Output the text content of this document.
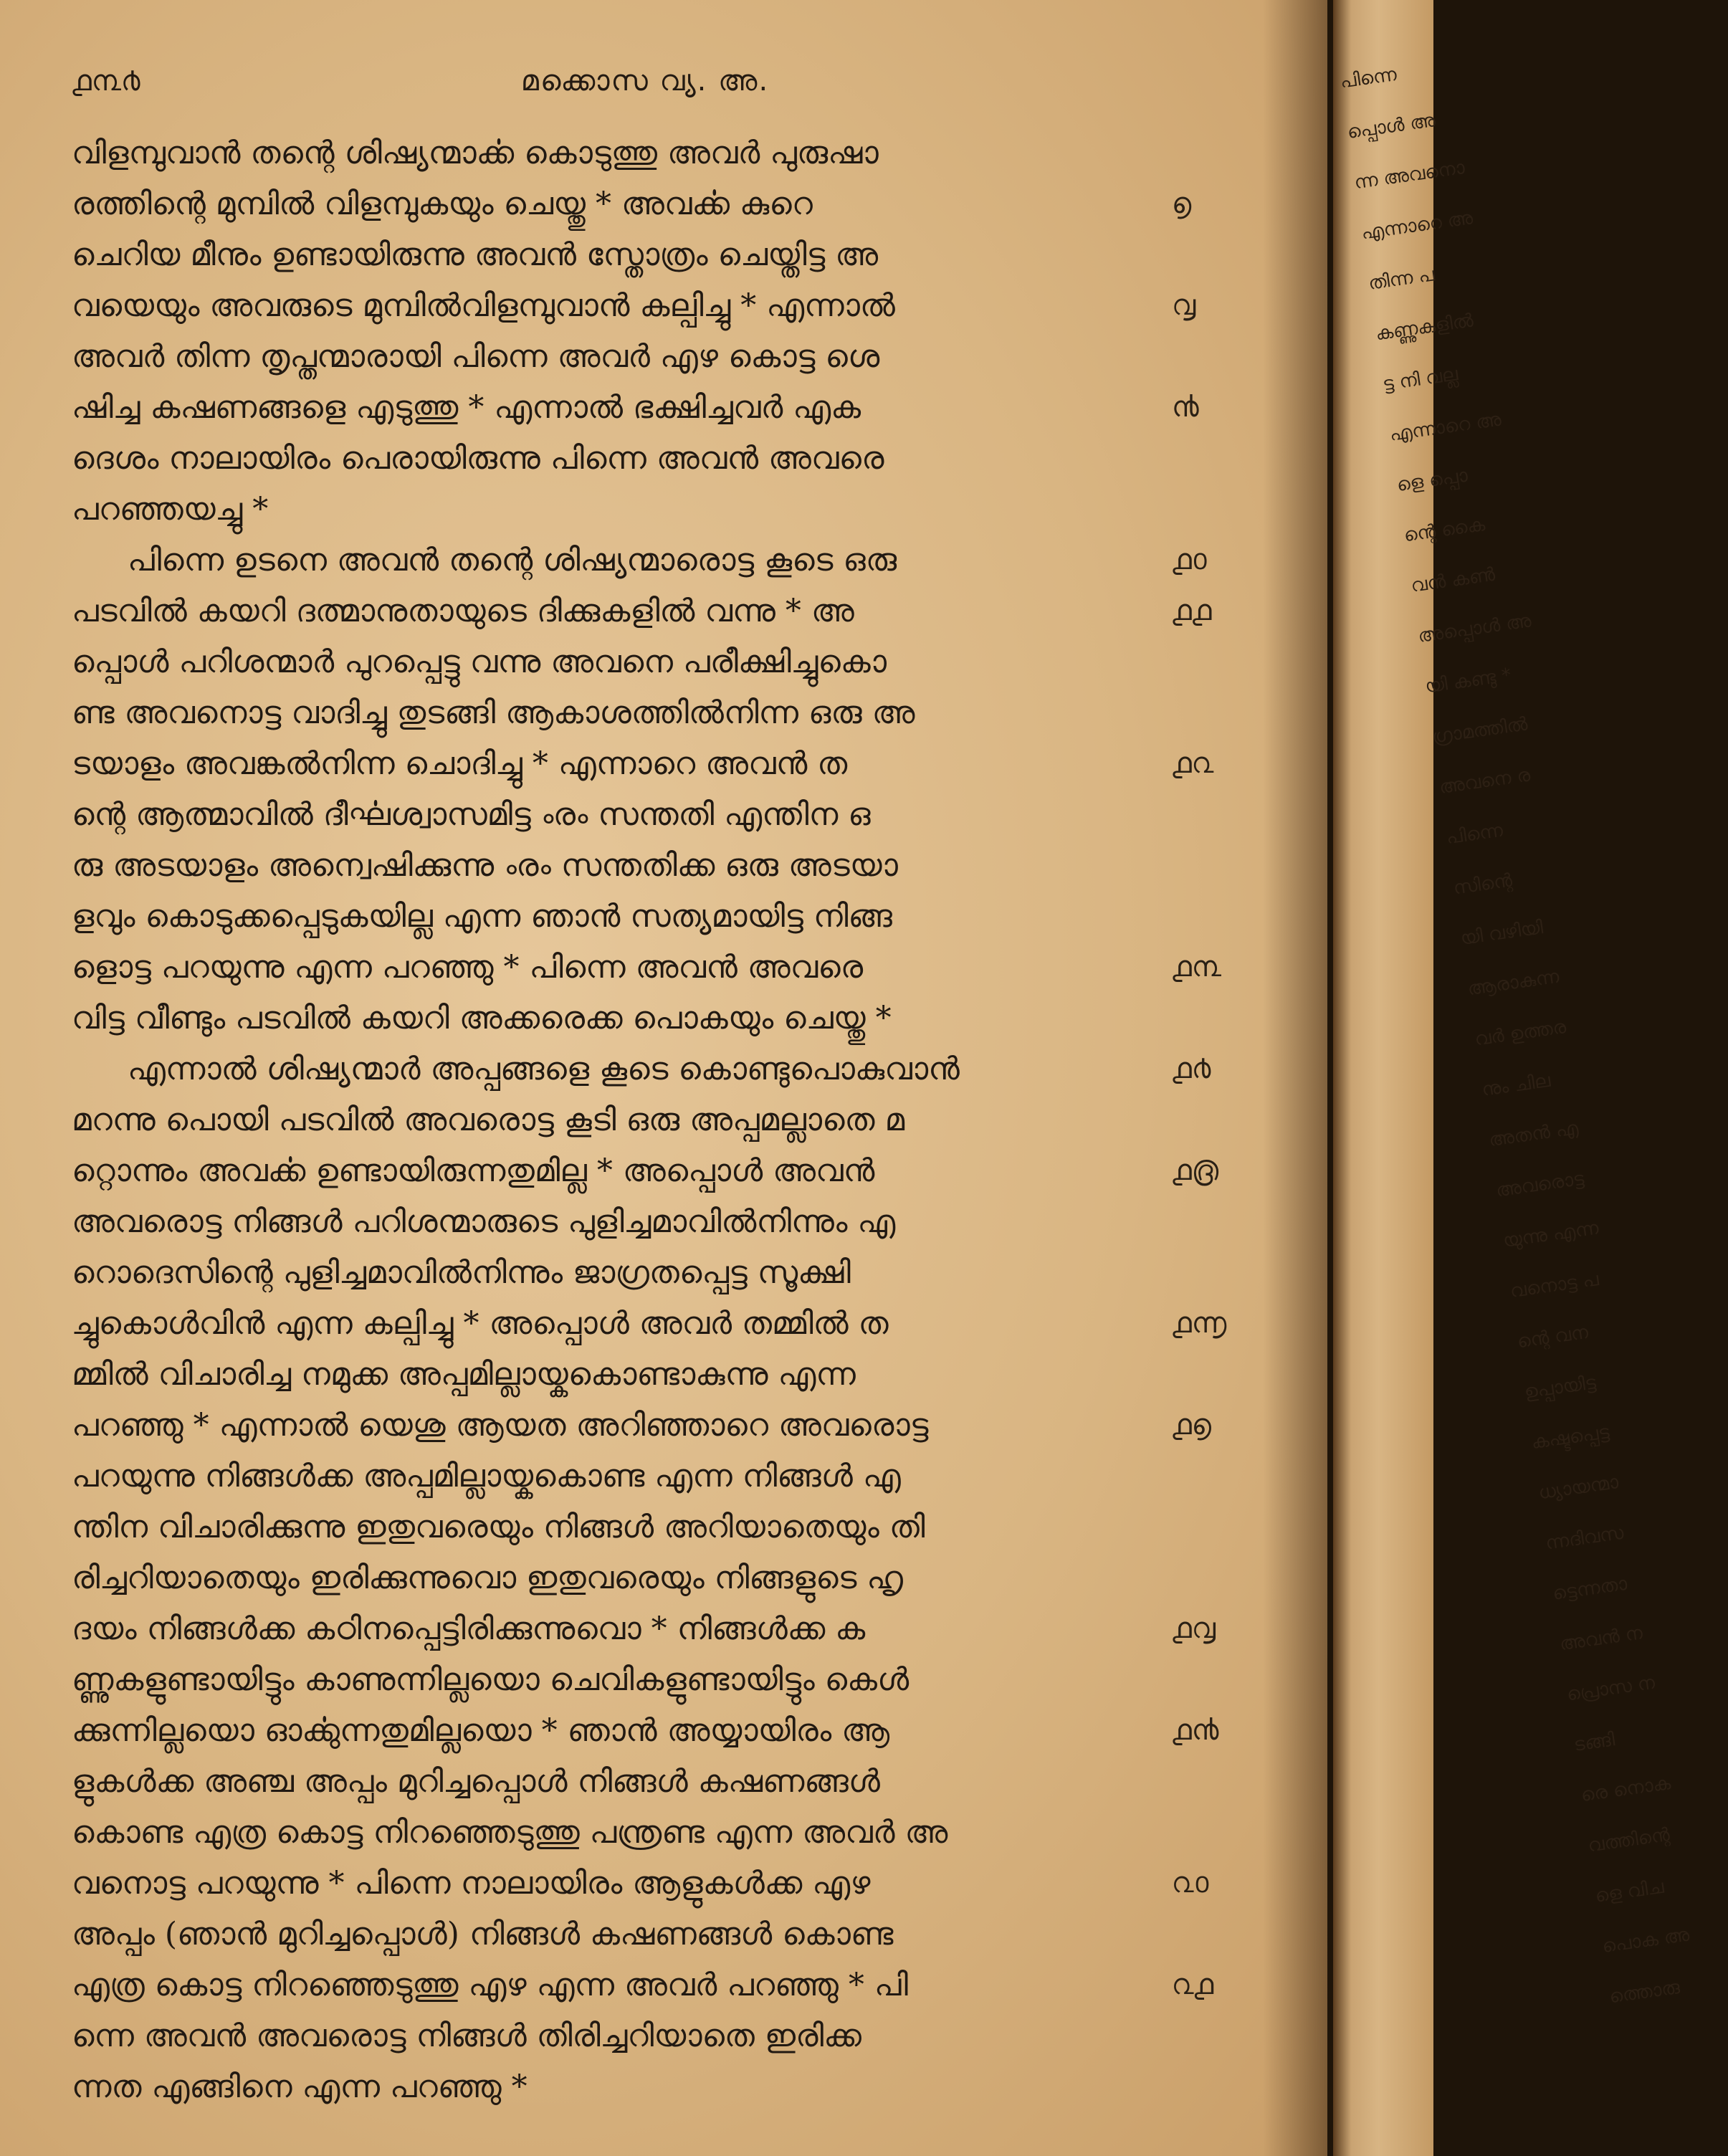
൧൩൪	മക്കൊസ വ്യ. അ.
വിളമ്പുവാൻ തന്റെ ശിഷ്യന്മാൎക്ക കൊടുത്തു അവർ പുരുഷാ
രത്തിന്റെ മുമ്പിൽ വിളമ്പുകയും ചെയ്തു * അവൎക്ക കുറെ
ചെറിയ മീനും ഉണ്ടായിരുന്നു അവൻ സ്തോത്രം ചെയ്തിട്ട അ
വയെയും അവരുടെ മുമ്പിൽവിളമ്പുവാൻ കല്പിച്ചു * എന്നാൽ
അവർ തിന്ന തൃപ്തന്മാരായി പിന്നെ അവർ എഴ കൊട്ട ശെ
ഷിച്ച കഷണങ്ങളെ എടുത്തു * എന്നാൽ ഭക്ഷിച്ചവർ എക
ദെശം നാലായിരം പെരായിരുന്നു പിന്നെ അവൻ അവരെ
പറഞ്ഞയച്ചു *
പിന്നെ ഉടനെ അവൻ തന്റെ ശിഷ്യന്മാരൊട്ട കൂടെ ഒരു
പടവിൽ കയറി ദത്മാനുതായുടെ ദിക്കുകളിൽ വന്നു * അ
പ്പൊൾ പറിശന്മാർ പുറപ്പെട്ടു വന്നു അവനെ പരീക്ഷിച്ചുകൊ
ണ്ട അവനൊട്ട വാദിച്ചു തുടങ്ങി ആകാശത്തിൽനിന്ന ഒരു അ
ടയാളം അവങ്കൽനിന്ന ചൊദിച്ചു * എന്നാറെ അവൻ ത
ന്റെ ആത്മാവിൽ ദീൎഘശ്വാസമിട്ട ൟ സന്തതി എന്തിന ഒ
രു അടയാളം അന്വെഷിക്കുന്നു ൟ സന്തതിക്ക ഒരു അടയാ
ളവും കൊടുക്കപ്പെടുകയില്ല എന്ന ഞാൻ സത്യമായിട്ട നിങ്ങ
ളൊട്ട പറയുന്നു എന്ന പറഞ്ഞു * പിന്നെ അവൻ അവരെ
വിട്ട വീണ്ടും പടവിൽ കയറി അക്കരെക്ക പൊകയും ചെയ്തു *
എന്നാൽ ശിഷ്യന്മാർ അപ്പങ്ങളെ കൂടെ കൊണ്ടുപൊകുവാൻ
മറന്നു പൊയി പടവിൽ അവരൊട്ട കൂടി ഒരു അപ്പമല്ലാതെ മ
റ്റൊന്നും അവൎക്ക ഉണ്ടായിരുന്നതുമില്ല * അപ്പൊൾ അവൻ
അവരൊട്ട നിങ്ങൾ പറിശന്മാരുടെ പുളിച്ചമാവിൽനിന്നും എ
റൊദെസിന്റെ പുളിച്ചമാവിൽനിന്നും ജാഗ്രതപ്പെട്ട സൂക്ഷി
ച്ചുകൊൾവിൻ എന്ന കല്പിച്ചു * അപ്പൊൾ അവർ തമ്മിൽ ത
മ്മിൽ വിചാരിച്ച നമുക്ക അപ്പമില്ലായ്കകൊണ്ടാകുന്നു എന്ന
പറഞ്ഞു * എന്നാൽ യെശു ആയത അറിഞ്ഞാറെ അവരൊട്ട
പറയുന്നു നിങ്ങൾക്ക അപ്പമില്ലായ്കകൊണ്ട എന്ന നിങ്ങൾ എ
ന്തിന വിചാരിക്കുന്നു ഇതുവരെയും നിങ്ങൾ അറിയാതെയും തി
രിച്ചറിയാതെയും ഇരിക്കുന്നുവൊ ഇതുവരെയും നിങ്ങളുടെ ഹൃ
ദയം നിങ്ങൾക്ക കഠിനപ്പെട്ടിരിക്കുന്നുവൊ * നിങ്ങൾക്ക ക
ണ്ണുകളുണ്ടായിട്ടും കാണുന്നില്ലയൊ ചെവികളുണ്ടായിട്ടും കെൾ
ക്കുന്നില്ലയൊ ഓൎക്കുന്നതുമില്ലയൊ * ഞാൻ അയ്യായിരം ആ
ളുകൾക്ക അഞ്ച അപ്പം മുറിച്ചപ്പൊൾ നിങ്ങൾ കഷണങ്ങൾ
കൊണ്ട എത്ര കൊട്ട നിറഞ്ഞെടുത്തു പന്ത്രണ്ട എന്ന അവർ അ
വനൊട്ട പറയുന്നു * പിന്നെ നാലായിരം ആളുകൾക്ക എഴ
അപ്പം (ഞാൻ മുറിച്ചപ്പൊൾ) നിങ്ങൾ കഷണങ്ങൾ കൊണ്ട
എത്ര കൊട്ട നിറഞ്ഞെടുത്തു എഴ എന്ന അവർ പറഞ്ഞു * പി
ന്നെ അവൻ അവരൊട്ട നിങ്ങൾ തിരിച്ചറിയാതെ ഇരിക്ക
ന്നത എങ്ങിനെ എന്ന പറഞ്ഞു *
൭
൮
൯
൧൦
൧൧
൧൨
൧൩
൧൪
൧൫
൧൬
൧൭
൧൮
൧൯
൨൦
൨൧
പിന്നെ
പ്പൊൾ അ
ന്ന അവനൊ
എന്നാറെ അ
തിന്ന പ
കണ്ണുകളിൽ
ട്ട നി വല്ല
എന്നാറെ അ
ളെ പ്പൊ
ന്റെ കൈ
വൻ കൺ
അപ്പൊൾ അ
യി കണ്ടു *
ഗ്രാമത്തിൽ
അവനെ ര
പിന്നെ
സിന്റെ
യി വഴിയി
ആരാകുന്ന
വർ ഉത്തര
നും ചില
അതൻ എ
അവരൊട്ട
യുന്നു എന്ന
വനൊട്ട പ
ന്റെ വന
ഉപ്പായിട്ട
കഷ്ടപ്പെട്ട
ധ്യായന്മാ
ന്നദിവസ
ട്ടെന്നതാ
അവൻ ന
പ്രൊസ ന
ടങ്ങി
രെ നൊക
വത്തിന്റെ
ളെ വിച
പൊക അ
ത്തൊരു
